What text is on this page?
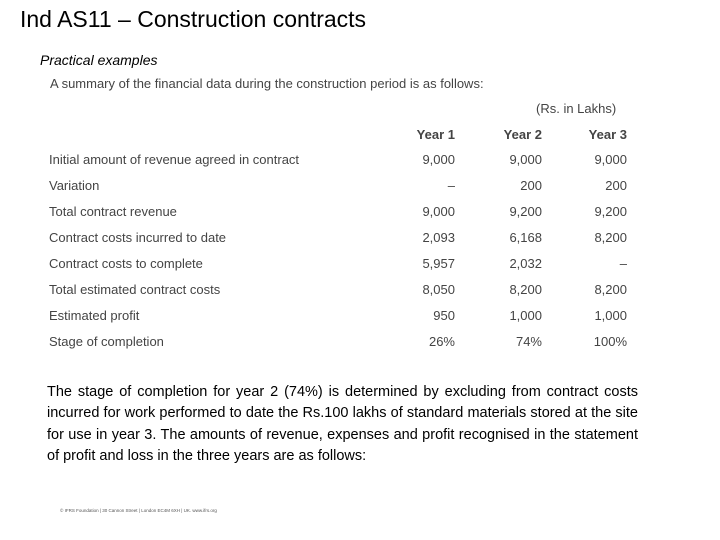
Ind AS11 – Construction contracts
Practical examples
A summary of the financial data during the construction period is as follows:
(Rs. in Lakhs)
	Year 1	Year 2	Year 3
Initial amount of revenue agreed in contract	9,000	9,000	9,000
Variation	–	200	200
Total contract revenue	9,000	9,200	9,200
Contract costs incurred to date	2,093	6,168	8,200
Contract costs to complete	5,957	2,032	–
Total estimated contract costs	8,050	8,200	8,200
Estimated profit	950	1,000	1,000
Stage of completion	26%	74%	100%

The stage of completion for year 2 (74%) is determined by excluding from contract costs incurred for work performed to date the Rs.100 lakhs of standard materials stored at the site for use in year 3. The amounts of revenue, expenses and profit recognised in the statement of profit and loss in the three years are as follows:

© IFRS Foundation | 30 Cannon Street | London EC4M 6XH | UK. www.ifrs.org
